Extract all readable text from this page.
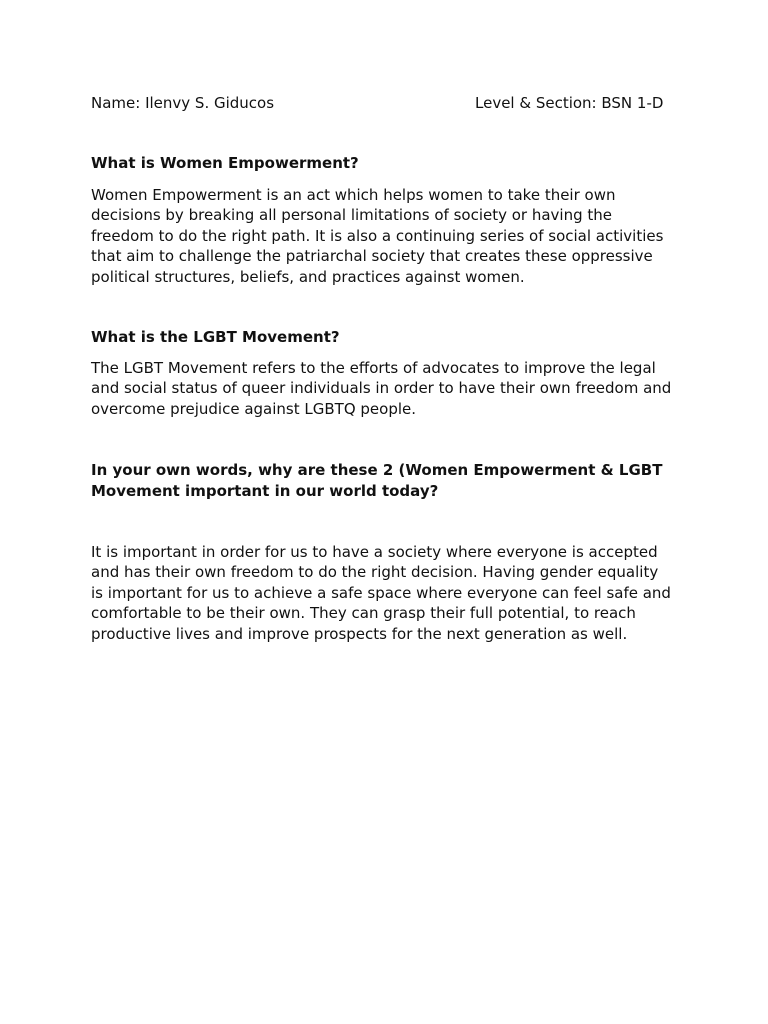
Name: Ilenvy S. Giducos	Level & Section: BSN 1-D
What is Women Empowerment?

Women Empowerment is an act which helps women to take their own
decisions by breaking all personal limitations of society or having the
freedom to do the right path. It is also a continuing series of social activities
that aim to challenge the patriarchal society that creates these oppressive
political structures, beliefs, and practices against women.

What is the LGBT Movement?

The LGBT Movement refers to the efforts of advocates to improve the legal
and social status of queer individuals in order to have their own freedom and
overcome prejudice against LGBTQ people.

In your own words, why are these 2 (Women Empowerment & LGBT
Movement important in our world today?

It is important in order for us to have a society where everyone is accepted
and has their own freedom to do the right decision. Having gender equality
is important for us to achieve a safe space where everyone can feel safe and
comfortable to be their own. They can grasp their full potential, to reach
productive lives and improve prospects for the next generation as well.
